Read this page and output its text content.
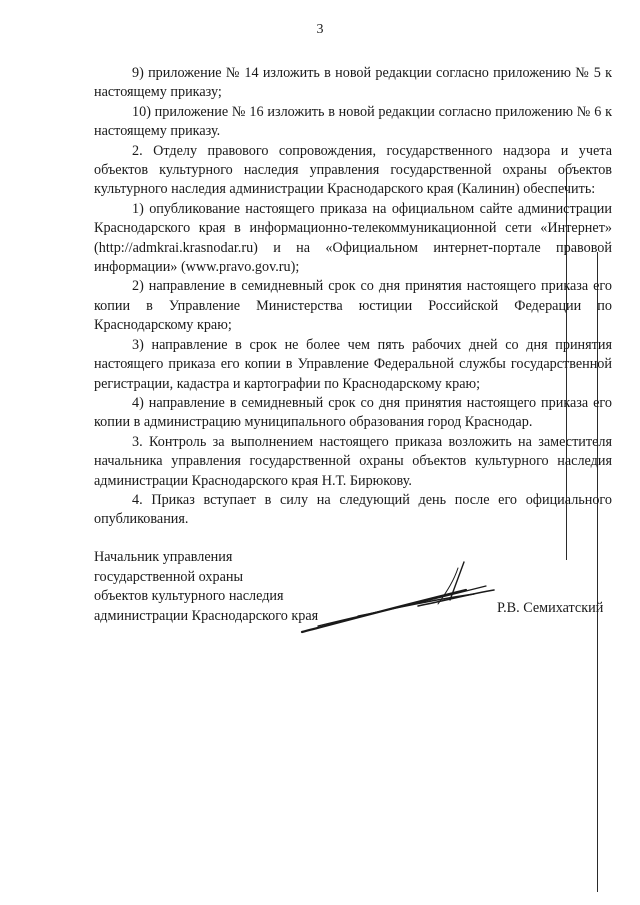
3

9) приложение № 14 изложить в новой редакции согласно приложению № 5 к настоящему приказу;

10) приложение № 16 изложить в новой редакции согласно приложению № 6 к настоящему приказу.

2. Отделу правового сопровождения, государственного надзора и учета объектов культурного наследия управления государственной охраны объектов культурного наследия администрации Краснодарского края (Калинин) обеспечить:

1) опубликование настоящего приказа на официальном сайте администрации Краснодарского края в информационно-телекоммуникационной сети «Интернет» (http://admkrai.krasnodar.ru) и на «Официальном интернет-портале правовой информации» (www.pravo.gov.ru);

2) направление в семидневный срок со дня принятия настоящего приказа его копии в Управление Министерства юстиции Российской Федерации по Краснодарскому краю;

3) направление в срок не более чем пять рабочих дней со дня принятия настоящего приказа его копии в Управление Федеральной службы государственной регистрации, кадастра и картографии по Краснодарскому краю;

4) направление в семидневный срок со дня принятия настоящего приказа его копии в администрацию муниципального образования город Краснодар.

3. Контроль за выполнением настоящего приказа возложить на заместителя начальника управления государственной охраны объектов культурного наследия администрации Краснодарского края Н.Т. Бирюкову.

4. Приказ вступает в силу на следующий день после его официального опубликования.

Начальник управления
государственной охраны
объектов культурного наследия
администрации Краснодарского края	Р.В. Семихатский
